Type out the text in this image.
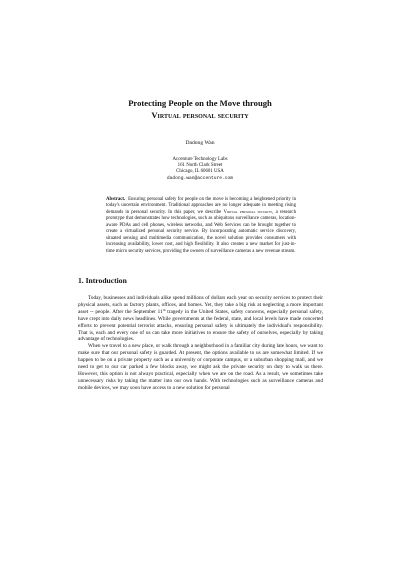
Protecting People on the Move through
Virtual personal security
Dadong Wan
Accenture Technology Labs
161 North Clark Street
Chicago, IL 60601 USA
dadong.wan@accenture.com
Abstract. Ensuring personal safety for people on the move is becoming a heightened priority in today's uncertain environment. Traditional approaches are no longer adequate in meeting rising demands in personal security. In this paper, we describe Virtual personal security, a research prototype that demonstrates how technologies, such as ubiquitous surveillance cameras, location-aware PDAs and cell phones, wireless networks, and Web Services can be brought together to create a virtualized personal security service. By incorporating automatic service discovery, situated sensing and multimedia communication, the novel solution provides consumers with increasing availability, lower cost, and high flexibility. It also creates a new market for just-in-time micro security services, providing the owners of surveillance cameras a new revenue stream.
1. Introduction

Today, businesses and individuals alike spend millions of dollars each year on security services to protect their physical assets, such as factory plants, offices, and homes. Yet, they take a big risk at neglecting a more important asset -- people. After the September 11th tragedy in the United States, safety concerns, especially personal safety, have crept into daily news headlines. While governments at the federal, state, and local levels have made concerted efforts to prevent potential terrorist attacks, ensuring personal safety is ultimately the individual's responsibility. That is, each and every one of us can take more initiatives to ensure the safety of ourselves, especially by taking advantage of technologies.

When we travel to a new place, or walk through a neighborhood in a familiar city during late hours, we want to make sure that our personal safety is guarded. At present, the options available to us are somewhat limited. If we happen to be on a private property such as a university or corporate campus, or a suburban shopping mall, and we need to get to our car parked a few blocks away, we might ask the private security on duty to walk us there. However, this option is not always practical, especially when we are on the road. As a result, we sometimes take unnecessary risks by taking the matter into our own hands. With technologies such as surveillance cameras and mobile devices, we may soon have access to a new solution for personal
